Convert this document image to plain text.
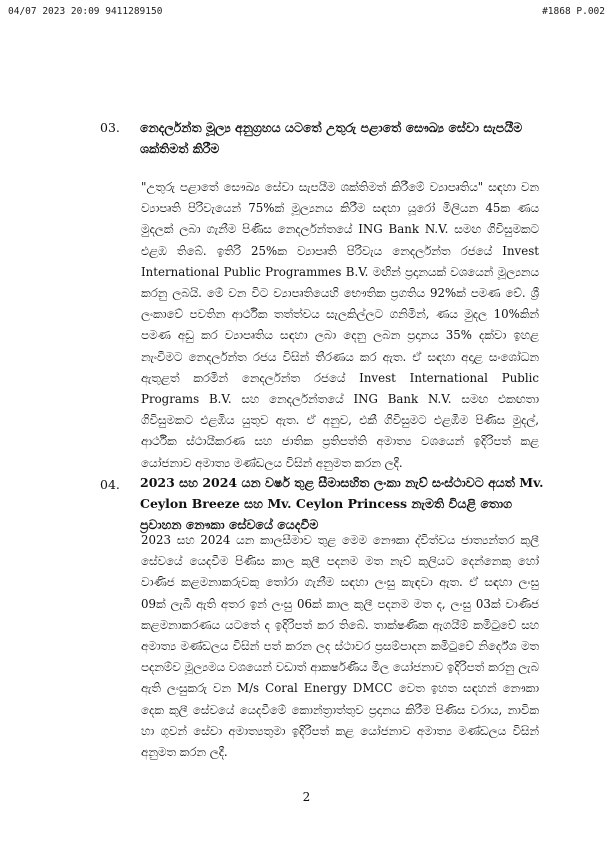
04/07 2023 20:09 9411289150	#1868 P.002
03. නෙදර්ලන්ත මූල්‍ය අනුග්‍රහය යටතේ උතුරු පළාතේ සෞඛ්‍ය සේවා සැපයීම ශක්තිමත් කිරීම

"උතුරු පළාතේ සෞඛ්‍ය සේවා සැපයීම ශක්තිමත් කිරීමේ ව්‍යාපෘතිය" සඳහා වන ව්‍යාපෘති පිරිවැයෙන් 75%ක් මූල්‍යනය කිරීම සඳහා යූරෝ මිලියන 45ක ණය මුදලක් ලබා ගැනීම පිණිස නෙදර්ලන්තයේ ING Bank N.V. සමඟ ගිවිසුමකට එළඹ තිබේ. ඉතිරි 25%ක ව්‍යාපෘති පිරිවැය නෙදර්ලන්ත රජයේ Invest International Public Programmes B.V. මඟින් ප්‍රදානයක් වශයෙන් මූල්‍යනය කරනු ලබයි. මේ වන විට ව්‍යාපෘතියෙහි භෞතික ප්‍රගතිය 92%ක් පමණ වේ. ශ්‍රී ලංකාවේ පවතින ආර්ථික තත්ත්වය සැලකිල්ලට ගනිමින්, ණය මුදල 10%කින් පමණ අඩු කර ව්‍යාපෘතිය සඳහා ලබා දෙනු ලබන ප්‍රදානය 35% දක්වා ඉහළ නැංවීමට නෙදර්ලන්ත රජය විසින් තීරණය කර ඇත. ඒ සඳහා අදාළ සංශෝධන ඇතුළත් කරමින් නෙදර්ලන්ත රජයේ Invest International Public Programs B.V. සහ නෙදර්ලන්තයේ ING Bank N.V. සමඟ එකඟතා ගිවිසුමකට එළඹිය යුතුව ඇත. ඒ අනුව, එකී ගිවිසුමට එළඹීම පිණිස මුදල්, ආර්ථික ස්ථායීකරණ සහ ජාතික ප්‍රතිපත්ති අමාත්‍ය වශයෙන් ඉදිරිපත් කළ යෝජනාව අමාත්‍ය මණ්ඩලය විසින් අනුමත කරන ලදී.

04. 2023 සහ 2024 යන වර්ෂ තුළ සීමාසහිත ලංකා නැව් සංස්ථාවට අයත් Mv. Ceylon Breeze සහ Mv. Ceylon Princess නැමති වියළි තොග ප්‍රවාහන නෞකා සේවයේ යෙදවීම

2023 සහ 2024 යන කාලසීමාව තුළ මෙම නෞකා ද්විත්වය ජාත්‍යන්තර කුලී සේවයේ යෙදවීම පිණිස කාල කුලී පදනම මත නැව් කුලියට දෙන්නෙකු හෝ වාණිජ කළමනාකරුවකු තෝරා ගැනීම සඳහා ලංසු කැඳවා ඇත. ඒ සඳහා ලංසු 09ක් ලැබී ඇති අතර ඉන් ලංසු 06ක් කාල කුලී පදනම මත ද, ලංසු 03ක් වාණිජ කළමනාකරණය යටතේ ද ඉදිරිපත් කර තිබේ. තාක්ෂණික ඇගයීම් කමිටුවේ සහ අමාත්‍ය මණ්ඩලය විසින් පත් කරන ලද ස්ථාවර ප්‍රසම්පාදන කමිටුවේ නිර්දේශ මත පදනම්ව මූල්‍යමය වශයෙන් වඩාත් ආකර්ෂණීය මිල යෝජනාව ඉදිරිපත් කරනු ලැබ ඇති ලංසුකරු වන M/s Coral Energy DMCC වෙත ඉහත සඳහන් නෞකා දෙක කුලී සේවයේ යෙදවීමේ කොන්ත්‍රාත්තුව ප්‍රදානය කිරීම පිණිස වරාය, නාවික හා ගුවන් සේවා අමාත්‍යතුමා ඉදිරිපත් කළ යෝජනාව අමාත්‍ය මණ්ඩලය විසින් අනුමත කරන ලදී.

2
